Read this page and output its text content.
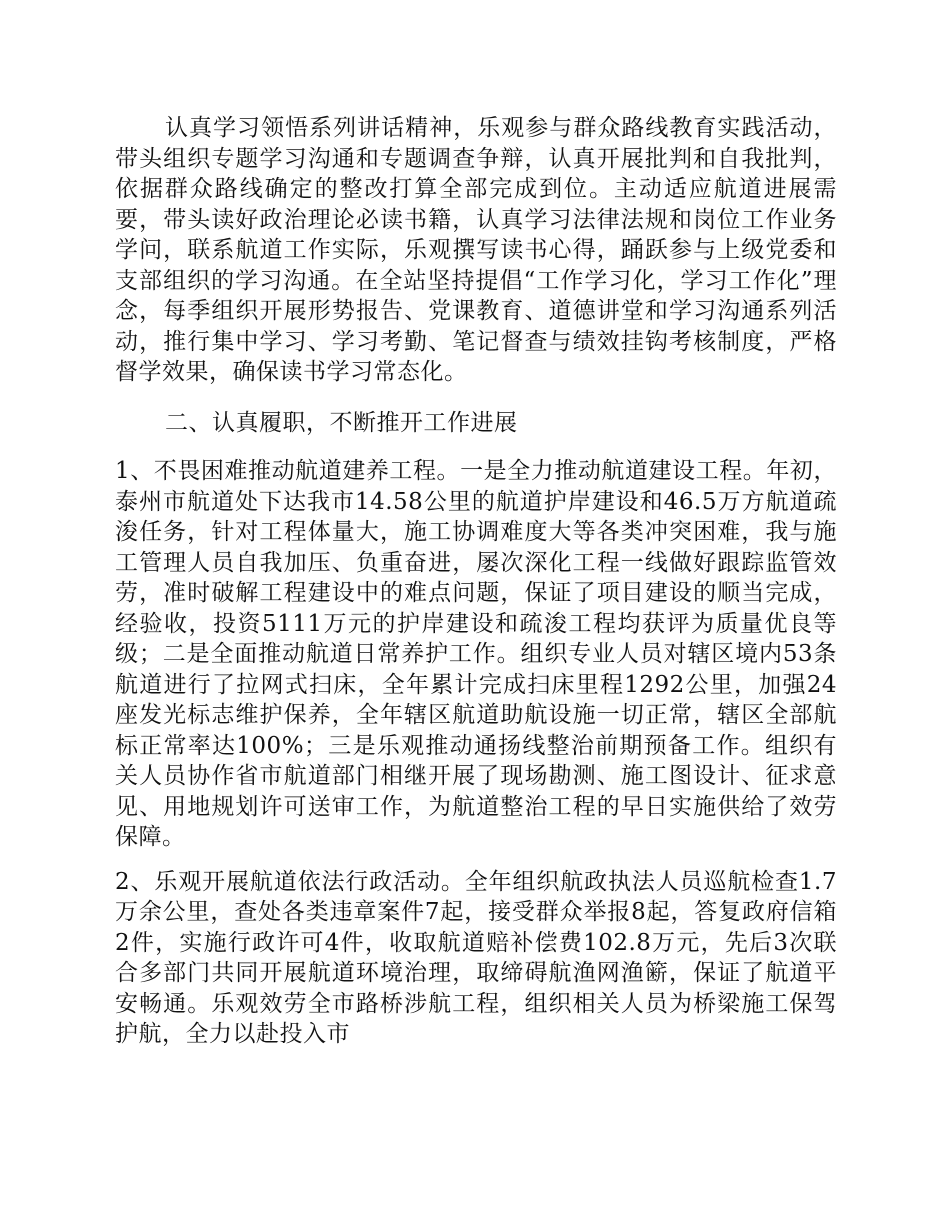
认真学习领悟系列讲话精神，乐观参与群众路线教育实践活动，带头组织专题学习沟通和专题调查争辩，认真开展批判和自我批判，依据群众路线确定的整改打算全部完成到位。主动适应航道进展需要，带头读好政治理论必读书籍，认真学习法律法规和岗位工作业务学问，联系航道工作实际，乐观撰写读书心得，踊跃参与上级党委和支部组织的学习沟通。在全站坚持提倡“工作学习化，学习工作化”理念，每季组织开展形势报告、党课教育、道德讲堂和学习沟通系列活动，推行集中学习、学习考勤、笔记督查与绩效挂钩考核制度，严格督学效果，确保读书学习常态化。

二、认真履职，不断推开工作进展

1、不畏困难推动航道建养工程。一是全力推动航道建设工程。年初，泰州市航道处下达我市14.58公里的航道护岸建设和46.5万方航道疏浚任务，针对工程体量大，施工协调难度大等各类冲突困难，我与施工管理人员自我加压、负重奋进，屡次深化工程一线做好跟踪监管效劳，准时破解工程建设中的难点问题，保证了项目建设的顺当完成，经验收，投资5111万元的护岸建设和疏浚工程均获评为质量优良等级；二是全面推动航道日常养护工作。组织专业人员对辖区境内53条航道进行了拉网式扫床，全年累计完成扫床里程1292公里，加强24座发光标志维护保养，全年辖区航道助航设施一切正常，辖区全部航标正常率达100%；三是乐观推动通扬线整治前期预备工作。组织有关人员协作省市航道部门相继开展了现场勘测、施工图设计、征求意见、用地规划许可送审工作，为航道整治工程的早日实施供给了效劳保障。

2、乐观开展航道依法行政活动。全年组织航政执法人员巡航检查1.7万余公里，查处各类违章案件7起，接受群众举报8起，答复政府信箱2件，实施行政许可4件，收取航道赔补偿费102.8万元，先后3次联合多部门共同开展航道环境治理，取缔碍航渔网渔簖，保证了航道平安畅通。乐观效劳全市路桥涉航工程，组织相关人员为桥梁施工保驾护航，全力以赴投入市
